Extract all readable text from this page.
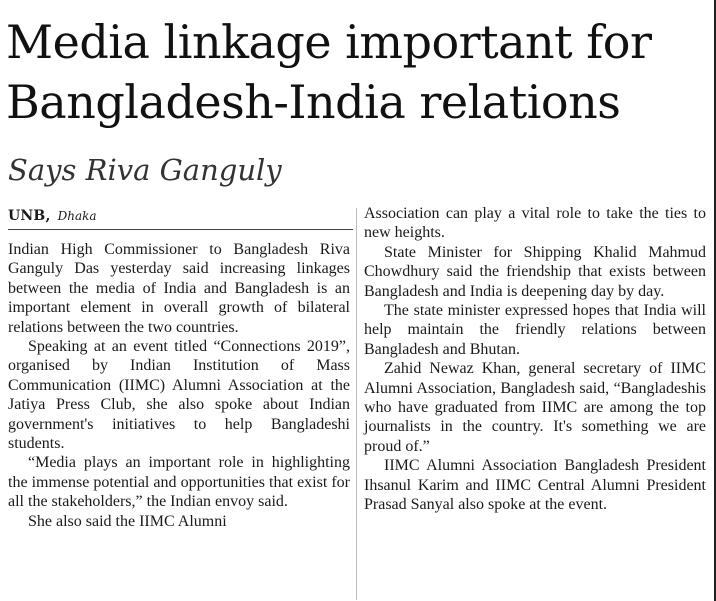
Media linkage important for
Bangladesh-India relations
Says Riva Ganguly
UNB, Dhaka

Indian High Commissioner to Bangladesh Riva Ganguly Das yesterday said increasing linkages between the media of India and Bangladesh is an important element in overall growth of bilateral relations between the two countries.

Speaking at an event titled “Connections 2019”, organised by Indian Institution of Mass Communication (IIMC) Alumni Association at the Jatiya Press Club, she also spoke about Indian government's initiatives to help Bangladeshi students.

“Media plays an important role in highlighting the immense potential and opportunities that exist for all the stakeholders,” the Indian envoy said.

She also said the IIMC Alumni

Association can play a vital role to take the ties to new heights.

State Minister for Shipping Khalid Mahmud Chowdhury said the friendship that exists between Bangladesh and India is deepening day by day.

The state minister expressed hopes that India will help maintain the friendly relations between Bangladesh and Bhutan.

Zahid Newaz Khan, general secretary of IIMC Alumni Association, Bangladesh said, “Bangladeshis who have graduated from IIMC are among the top journalists in the country. It's something we are proud of.”

IIMC Alumni Association Bangladesh President Ihsanul Karim and IIMC Central Alumni President Prasad Sanyal also spoke at the event.
